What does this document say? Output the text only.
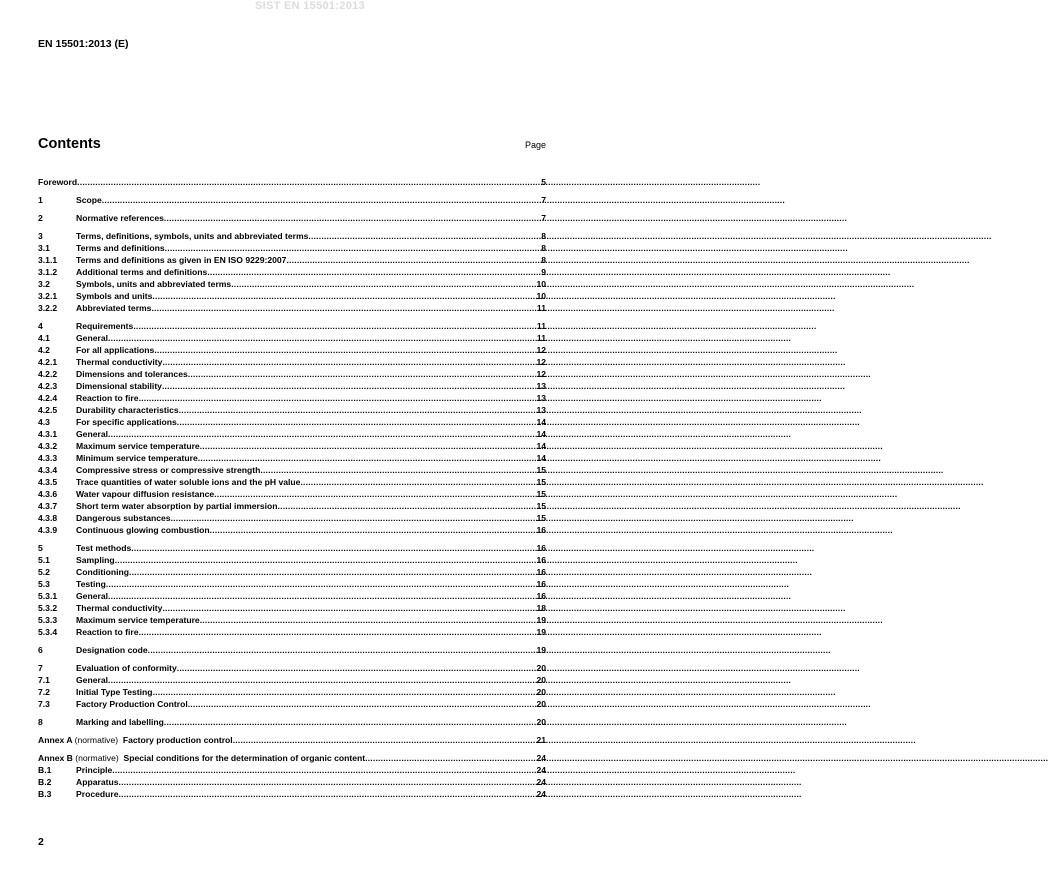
SIST EN 15501:2013
EN 15501:2013 (E)
Contents	Page
Foreword .....	5
1	Scope .....	7
2	Normative references .....	7
3	Terms, definitions, symbols, units and abbreviated terms .....	8
3.1	Terms and definitions .....	8
3.1.1	Terms and definitions as given in EN ISO 9229:2007 .....	8
3.1.2	Additional terms and definitions .....	9
3.2	Symbols, units and abbreviated terms .....	10
3.2.1	Symbols and units .....	10
3.2.2	Abbreviated terms .....	11
4	Requirements .....	11
4.1	General .....	11
4.2	For all applications .....	12
4.2.1	Thermal conductivity .....	12
4.2.2	Dimensions and tolerances .....	12
4.2.3	Dimensional stability .....	13
4.2.4	Reaction to fire .....	13
4.2.5	Durability characteristics .....	13
4.3	For specific applications .....	14
4.3.1	General .....	14
4.3.2	Maximum service temperature .....	14
4.3.3	Minimum service temperature .....	14
4.3.4	Compressive stress or compressive strength .....	15
4.3.5	Trace quantities of water soluble ions and the pH value .....	15
4.3.6	Water vapour diffusion resistance .....	15
4.3.7	Short term water absorption by partial immersion .....	15
4.3.8	Dangerous substances .....	15
4.3.9	Continuous glowing combustion .....	16
5	Test methods .....	16
5.1	Sampling .....	16
5.2	Conditioning .....	16
5.3	Testing .....	16
5.3.1	General .....	16
5.3.2	Thermal conductivity .....	18
5.3.3	Maximum service temperature .....	19
5.3.4	Reaction to fire .....	19
6	Designation code .....	19
7	Evaluation of conformity .....	20
7.1	General .....	20
7.2	Initial Type Testing .....	20
7.3	Factory Production Control .....	20
8	Marking and labelling .....	20
Annex A (normative) Factory production control .....	21
Annex B (normative) Special conditions for the determination of organic content .....	24
B.1	Principle .....	24
B.2	Apparatus .....	24
B.3	Procedure .....	24
2
